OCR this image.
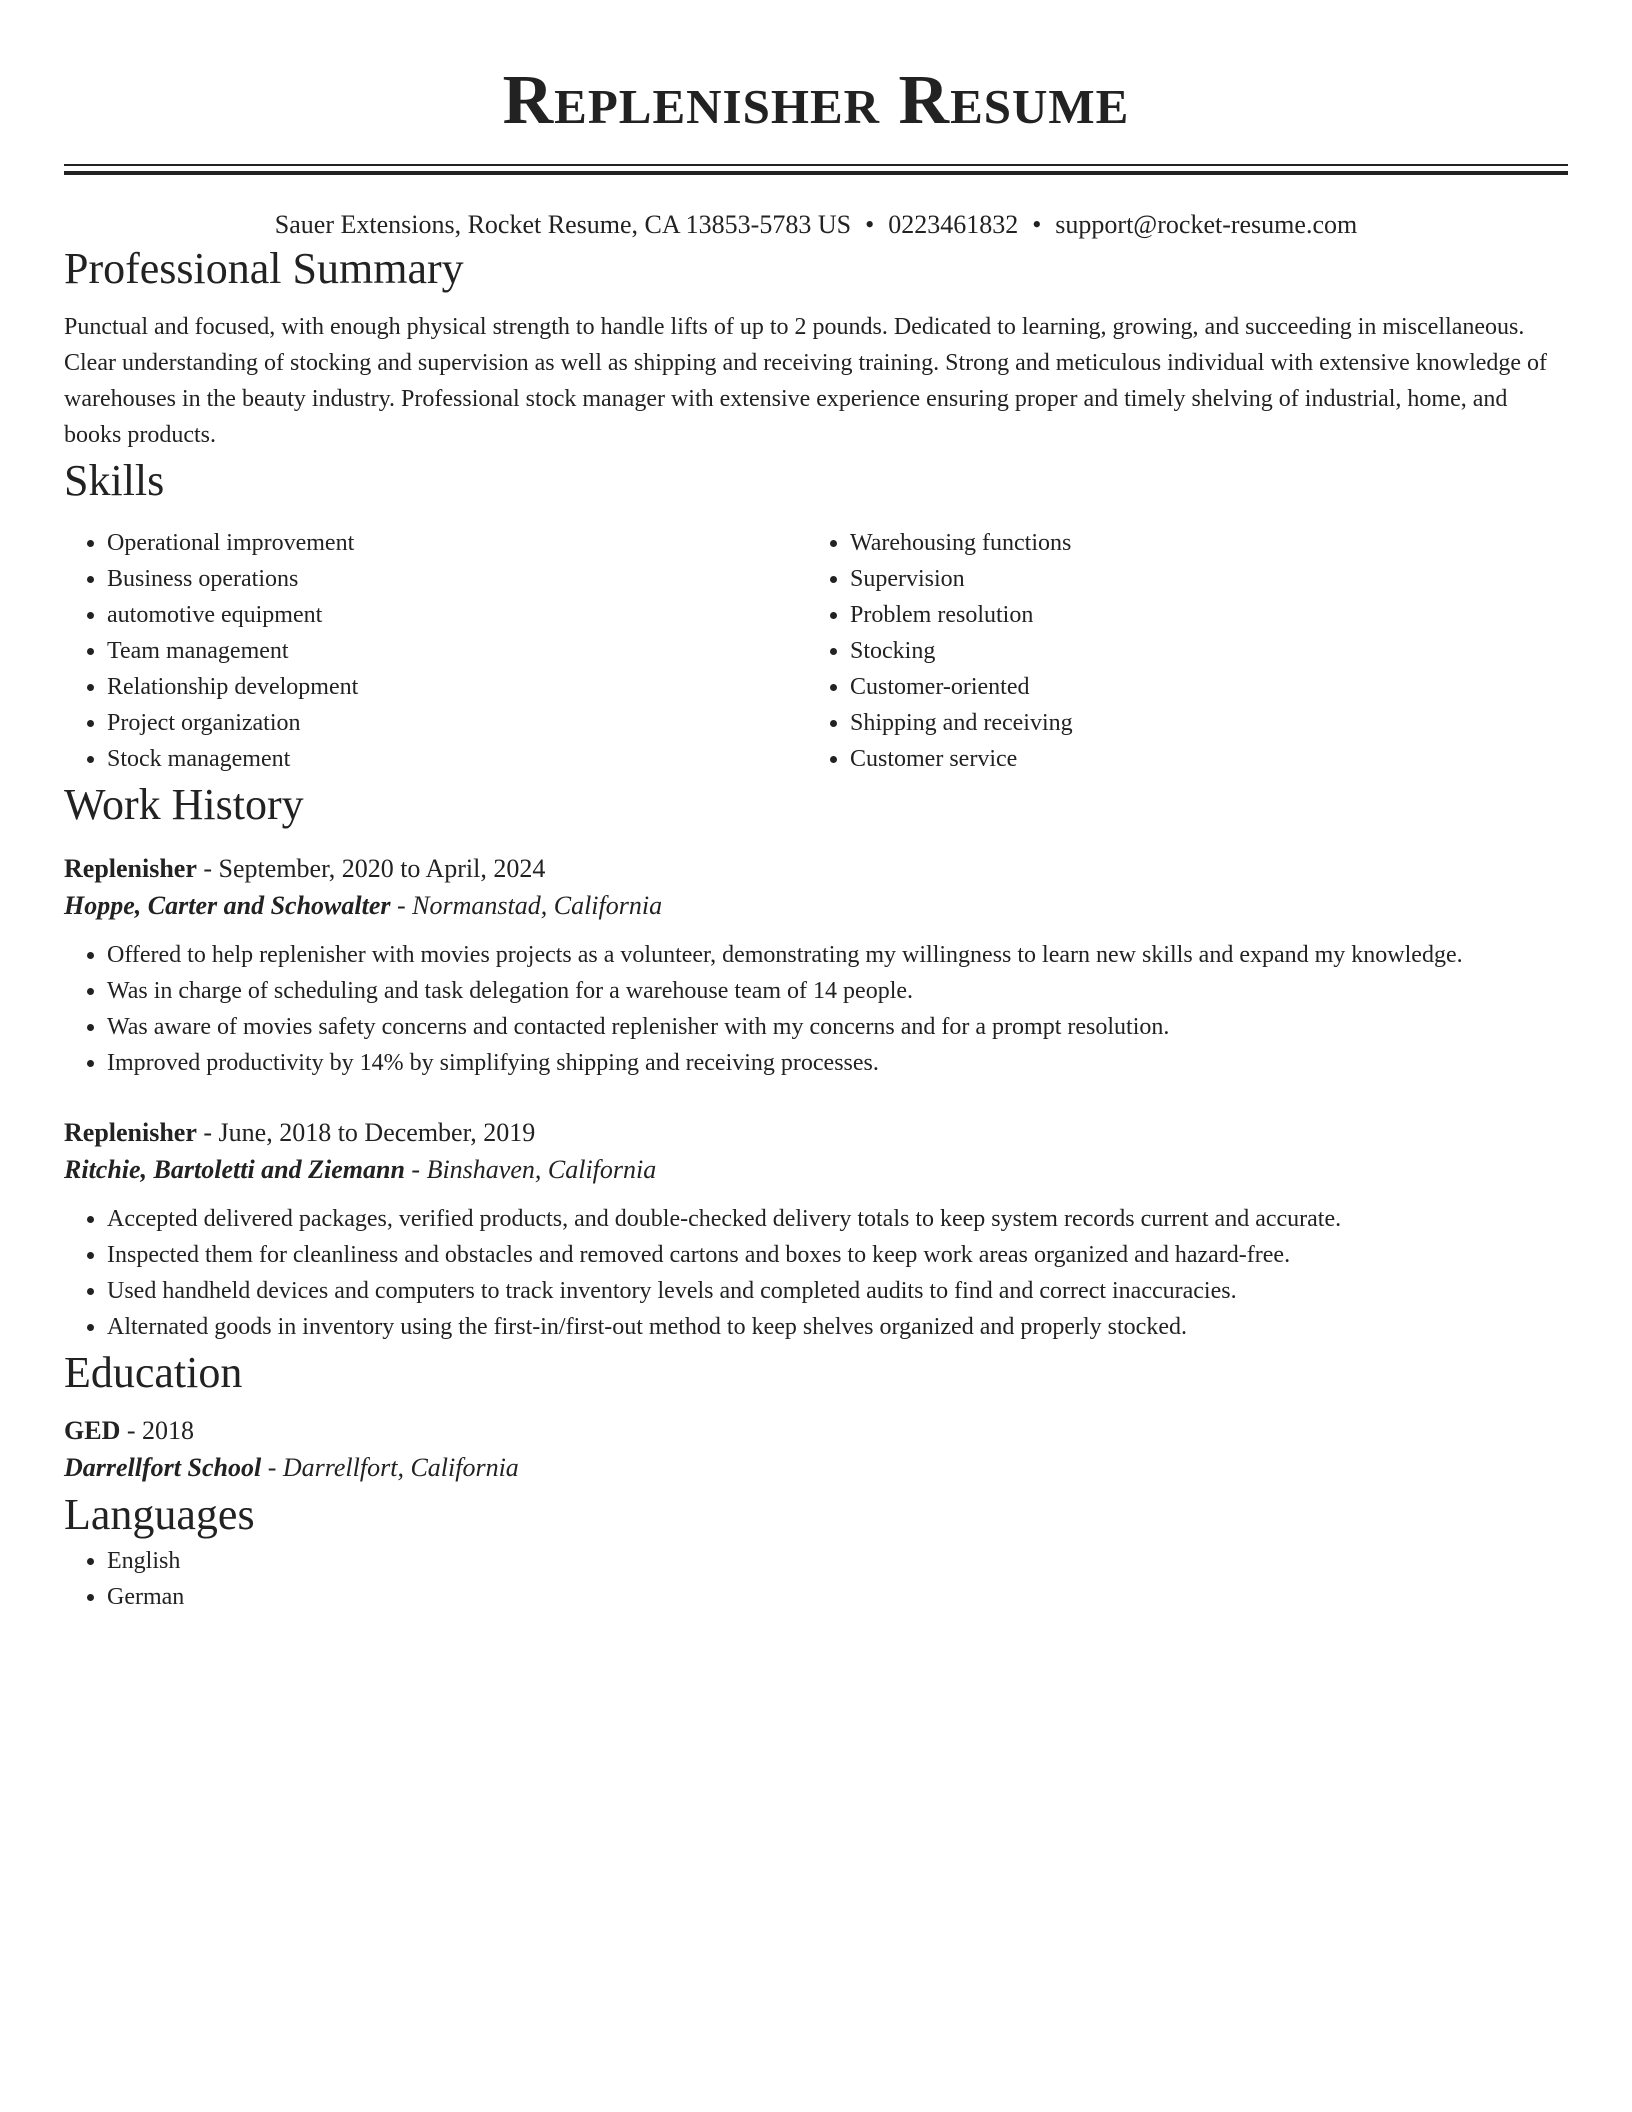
Replenisher Resume
Sauer Extensions, Rocket Resume, CA 13853-5783 US • 0223461832 • support@rocket-resume.com
Professional Summary

Punctual and focused, with enough physical strength to handle lifts of up to 2 pounds. Dedicated to learning, growing, and succeeding in miscellaneous. Clear understanding of stocking and supervision as well as shipping and receiving training. Strong and meticulous individual with extensive knowledge of warehouses in the beauty industry. Professional stock manager with extensive experience ensuring proper and timely shelving of industrial, home, and books products.

Skills
• Operational improvement
• Business operations
• automotive equipment
• Team management
• Relationship development
• Project organization
• Stock management
• Warehousing functions
• Supervision
• Problem resolution
• Stocking
• Customer-oriented
• Shipping and receiving
• Customer service
Work History
Replenisher - September, 2020 to April, 2024
Hoppe, Carter and Schowalter - Normanstad, California
• Offered to help replenisher with movies projects as a volunteer, demonstrating my willingness to learn new skills and expand my knowledge.
• Was in charge of scheduling and task delegation for a warehouse team of 14 people.
• Was aware of movies safety concerns and contacted replenisher with my concerns and for a prompt resolution.
• Improved productivity by 14% by simplifying shipping and receiving processes.
Replenisher - June, 2018 to December, 2019
Ritchie, Bartoletti and Ziemann - Binshaven, California
• Accepted delivered packages, verified products, and double-checked delivery totals to keep system records current and accurate.
• Inspected them for cleanliness and obstacles and removed cartons and boxes to keep work areas organized and hazard-free.
• Used handheld devices and computers to track inventory levels and completed audits to find and correct inaccuracies.
• Alternated goods in inventory using the first-in/first-out method to keep shelves organized and properly stocked.
Education
GED - 2018
Darrellfort School - Darrellfort, California
Languages
• English
• German
